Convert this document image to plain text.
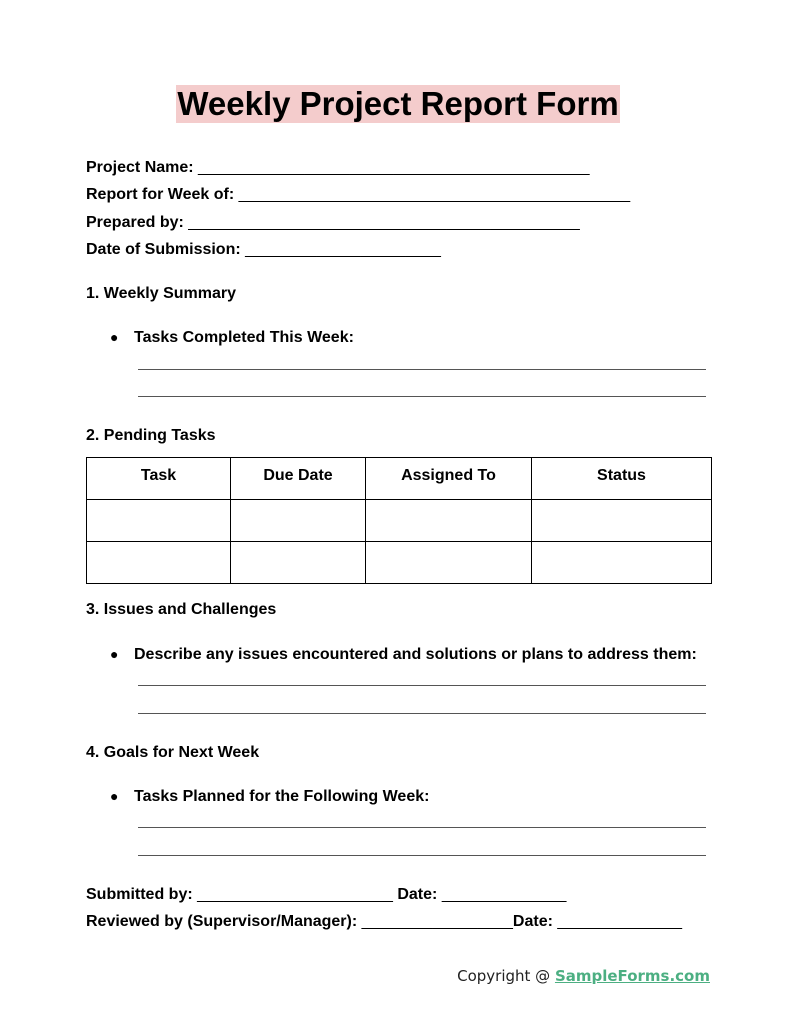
Weekly Project Report Form
Project Name: ____________________________________________
Report for Week of: ____________________________________________
Prepared by: ____________________________________________
Date of Submission: ______________________
1. Weekly Summary
● Tasks Completed This Week:
2. Pending Tasks
Task	Due Date	Assigned To	Status

3. Issues and Challenges
● Describe any issues encountered and solutions or plans to address them:
4. Goals for Next Week
● Tasks Planned for the Following Week:
Submitted by: ______________________ Date: ______________
Reviewed by (Supervisor/Manager): _________________Date: ______________
Copyright @ SampleForms.com
